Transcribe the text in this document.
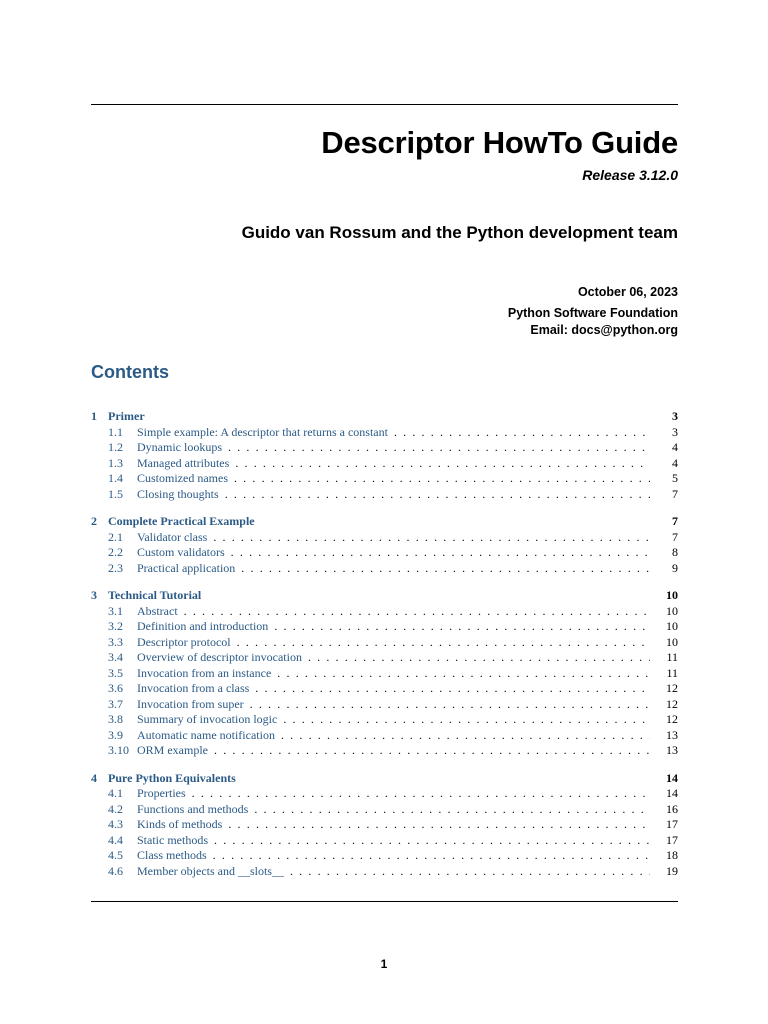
Descriptor HowTo Guide
Release 3.12.0
Guido van Rossum and the Python development team
October 06, 2023
Python Software Foundation
Email: docs@python.org
Contents
1 Primer	3
1.1	Simple example: A descriptor that returns a constant . . .	3
1.2	Dynamic lookups . . .	4
1.3	Managed attributes . . .	4
1.4	Customized names . . .	5
1.5	Closing thoughts . . .	7
2 Complete Practical Example	7
2.1	Validator class . . .	7
2.2	Custom validators . . .	8
2.3	Practical application . . .	9
3 Technical Tutorial	10
3.1	Abstract . . .	10
3.2	Definition and introduction . . .	10
3.3	Descriptor protocol . . .	10
3.4	Overview of descriptor invocation . . .	11
3.5	Invocation from an instance . . .	11
3.6	Invocation from a class . . .	12
3.7	Invocation from super . . .	12
3.8	Summary of invocation logic . . .	12
3.9	Automatic name notification . . .	13
3.10 ORM example . . .	13
4 Pure Python Equivalents	14
4.1	Properties . . .	14
4.2	Functions and methods . . .	16
4.3	Kinds of methods . . .	17
4.4	Static methods . . .	17
4.5	Class methods . . .	18
4.6	Member objects and __slots__ . . .	19
1
